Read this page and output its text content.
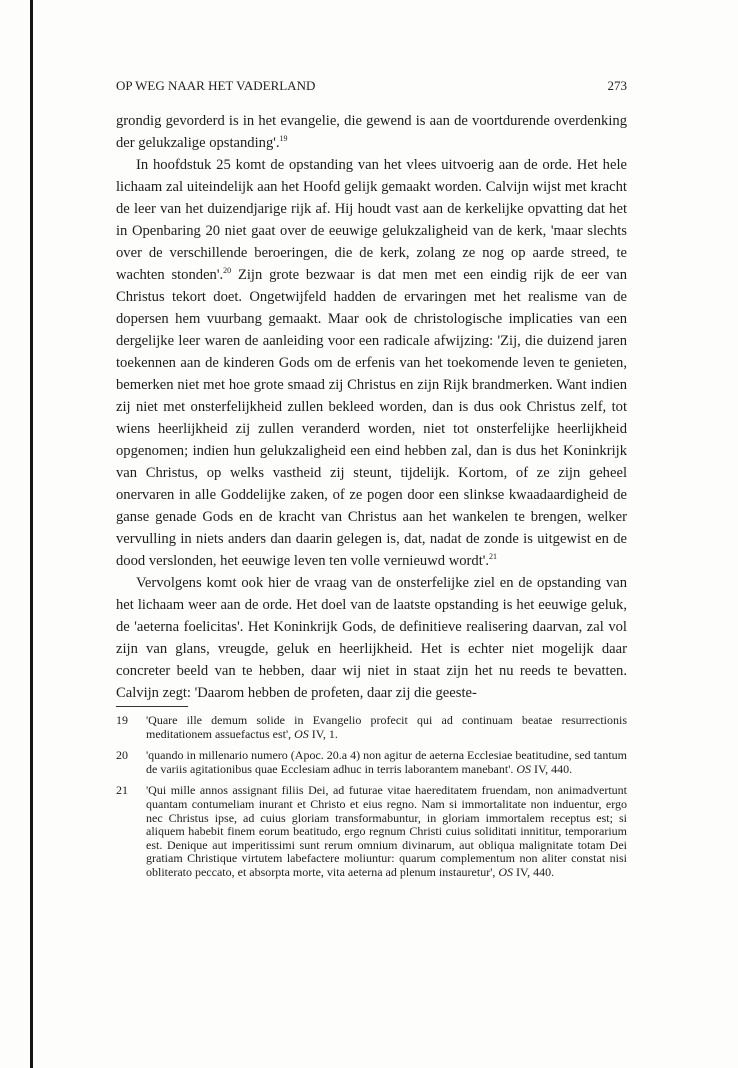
OP WEG NAAR HET VADERLAND	273

grondig gevorderd is in het evangelie, die gewend is aan de voortdurende overdenking der gelukzalige opstanding'.$^{19}$

In hoofdstuk 25 komt de opstanding van het vlees uitvoerig aan de orde. Het hele lichaam zal uiteindelijk aan het Hoofd gelijk gemaakt worden. Calvijn wijst met kracht de leer van het duizendjarige rijk af. Hij houdt vast aan de kerkelijke opvatting dat het in Openbaring 20 niet gaat over de eeuwige gelukzaligheid van de kerk, 'maar slechts over de verschillende beroeringen, die de kerk, zolang ze nog op aarde streed, te wachten stonden'.$^{20}$ Zijn grote bezwaar is dat men met een eindig rijk de eer van Christus tekort doet. Ongetwijfeld hadden de ervaringen met het realisme van de dopersen hem vuurbang gemaakt. Maar ook de christologische implicaties van een dergelijke leer waren de aanleiding voor een radicale afwijzing: 'Zij, die duizend jaren toekennen aan de kinderen Gods om de erfenis van het toekomende leven te genieten, bemerken niet met hoe grote smaad zij Christus en zijn Rijk brandmerken. Want indien zij niet met onsterfelijkheid zullen bekleed worden, dan is dus ook Christus zelf, tot wiens heerlijkheid zij zullen veranderd worden, niet tot onsterfelijke heerlijkheid opgenomen; indien hun gelukzaligheid een eind hebben zal, dan is dus het Koninkrijk van Christus, op welks vastheid zij steunt, tijdelijk. Kortom, of ze zijn geheel onervaren in alle Goddelijke zaken, of ze pogen door een slinkse kwaadaardigheid de ganse genade Gods en de kracht van Christus aan het wankelen te brengen, welker vervulling in niets anders dan daarin gelegen is, dat, nadat de zonde is uitgewist en de dood verslonden, het eeuwige leven ten volle vernieuwd wordt'.$^{21}$

Vervolgens komt ook hier de vraag van de onsterfelijke ziel en de opstanding van het lichaam weer aan de orde. Het doel van de laatste opstanding is het eeuwige geluk, de 'aeterna foelicitas'. Het Koninkrijk Gods, de definitieve realisering daarvan, zal vol zijn van glans, vreugde, geluk en heerlijkheid. Het is echter niet mogelijk daar concreter beeld van te hebben, daar wij niet in staat zijn het nu reeds te bevatten. Calvijn zegt: 'Daarom hebben de profeten, daar zij die geeste-

19 'Quare ille demum solide in Evangelio profecit qui ad continuam beatae resurrectionis meditationem assuefactus est', OS IV, 1.
20 'quando in millenario numero (Apoc. 20.a 4) non agitur de aeterna Ecclesiae beatitudine, sed tantum de variis agitationibus quae Ecclesiam adhuc in terris laborantem manebant'. OS IV, 440.
21 'Qui mille annos assignant filiis Dei, ad futurae vitae haereditatem fruendam, non animadvertunt quantam contumeliam inurant et Christo et eius regno. Nam si immortalitate non induentur, ergo nec Christus ipse, ad cuius gloriam transformabuntur, in gloriam immortalem receptus est; si aliquem habebit finem eorum beatitudo, ergo regnum Christi cuius soliditati innititur, temporarium est. Denique aut imperitissimi sunt rerum omnium divinarum, aut obliqua malignitate totam Dei gratiam Christique virtutem labefactere moliuntur: quarum complementum non aliter constat nisi obliterato peccato, et absorpta morte, vita aeterna ad plenum instauretur', OS IV, 440.
